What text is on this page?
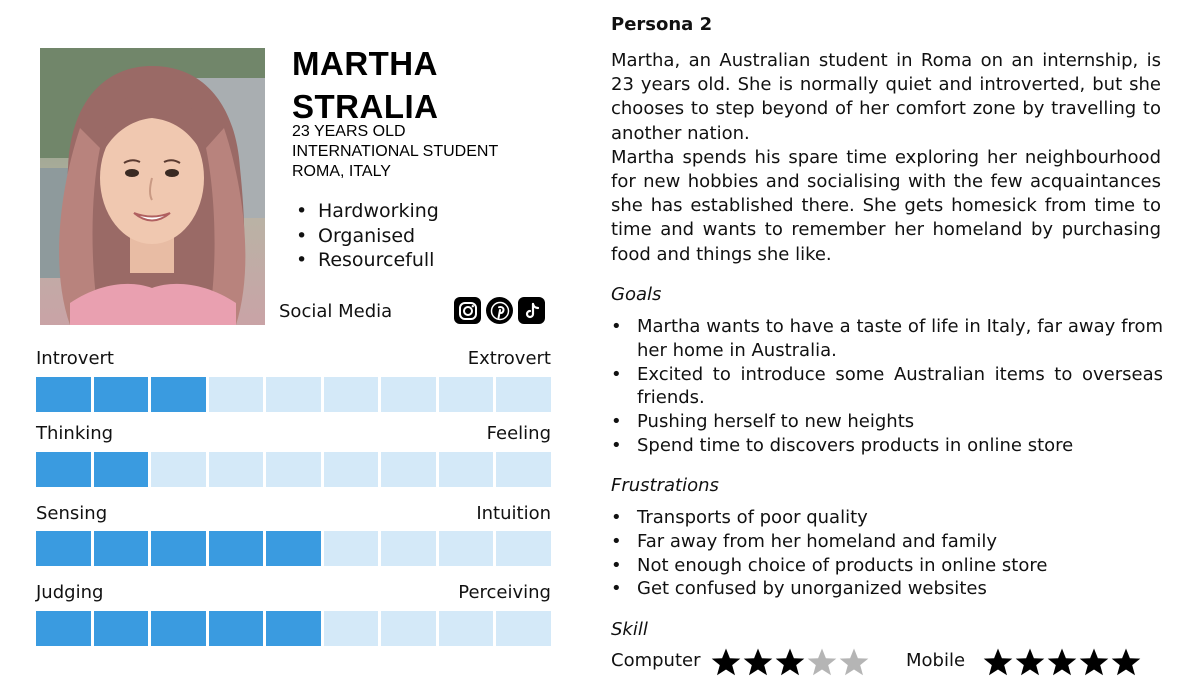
MARTHA
STRALIA
23 YEARS OLD
INTERNATIONAL STUDENT
ROMA, ITALY
• Hardworking
• Organised
• Resourcefull
Social Media
Introvert	Extrovert
Thinking	Feeling
Sensing	Intuition
Judging	Perceiving
Persona 2

Martha, an Australian student in Roma on an internship, is 23 years old. She is normally quiet and introverted, but she chooses to step beyond of her comfort zone by travelling to another nation.

Martha spends his spare time exploring her neighbourhood for new hobbies and socialising with the few acquaintances she has established there. She gets homesick from time to time and wants to remember her homeland by purchasing food and things she like.

Goals
• Martha wants to have a taste of life in Italy, far away from her home in Australia.
• Excited to introduce some Australian items to overseas friends.
• Pushing herself to new heights
• Spend time to discovers products in online store
Frustrations
• Transports of poor quality
• Far away from her homeland and family
• Not enough choice of products in online store
• Get confused by unorganized websites
Skill
Computer	Mobile
